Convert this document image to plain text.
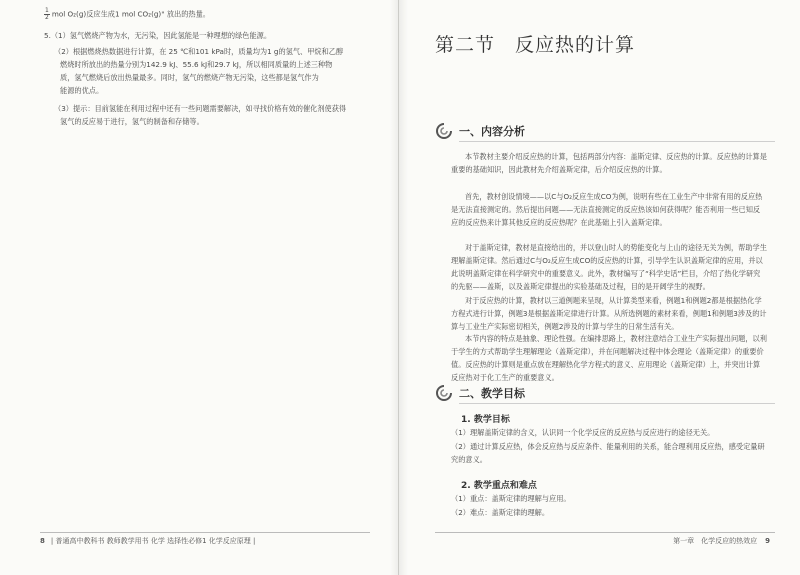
$\frac{1}{2}$ mol O₂(g)反应生成1 mol CO₂(g)" 放出的热量。
5.（1）氢气燃烧产物为水，无污染，因此氢能是一种理想的绿色能源。
（2）根据燃烧热数据进行计算，在 25 ℃和101 kPa时，质量均为1 g的氢气、甲烷和乙醇
燃烧时所放出的热量分别为142.9 kJ、55.6 kJ和29.7 kJ，所以相同质量的上述三种物
质，氢气燃烧后放出热量最多。同时，氢气的燃烧产物无污染，这些都是氢气作为
能源的优点。
（3）提示：目前氢能在利用过程中还有一些问题需要解决，如寻找价格有效的催化剂使获得
氢气的反应易于进行，氢气的制备和存储等。
8 | 普通高中教科书 教师教学用书 化学 选择性必修1 化学反应原理 |
第二节　反应热的计算
一、内容分析

本节教材主要介绍反应热的计算，包括两部分内容：盖斯定律、反应热的计算。反应热的计算是重要的基础知识，因此教材先介绍盖斯定律，后介绍反应热的计算。

首先，教材创设情境——以C与O₂反应生成CO为例，说明有些在工业生产中非常有用的反应热是无法直接测定的。然后提出问题——无法直接测定的反应热该如何获得呢？能否利用一些已知反应的反应热来计算其他反应的反应热呢？在此基础上引入盖斯定律。

对于盖斯定律，教材是直接给出的，并以登山时人的势能变化与上山的途径无关为例，帮助学生理解盖斯定律。然后通过C与O₂反应生成CO的反应热的计算，引导学生认识盖斯定律的应用，并以此说明盖斯定律在科学研究中的重要意义。此外，教材编写了“科学史话”栏目，介绍了热化学研究的先驱——盖斯，以及盖斯定律提出的实验基础及过程，目的是开阔学生的视野。

对于反应热的计算，教材以三道例题来呈现，从计算类型来看，例题1和例题2都是根据热化学方程式进行计算，例题3是根据盖斯定律进行计算。从所选例题的素材来看，例题1和例题3涉及的计算与工业生产实际密切相关，例题2涉及的计算与学生的日常生活有关。

本节内容的特点是抽象、理论性强。在编排思路上，教材注意结合工业生产实际提出问题，以利于学生的方式帮助学生理解理论（盖斯定律），并在问题解决过程中体会理论（盖斯定律）的重要价值。反应热的计算则是重点放在理解热化学方程式的意义、应用理论（盖斯定律）上，并突出计算反应热对于化工生产的重要意义。

二、教学目标
1. 教学目标
（1）理解盖斯定律的含义，认识同一个化学反应的反应热与反应进行的途径无关。
（2）通过计算反应热，体会反应热与反应条件、能量利用的关系，能合理利用反应热，感受定量研究的意义。
2. 教学重点和难点
（1）重点：盖斯定律的理解与应用。
（2）难点：盖斯定律的理解。
第一章　化学反应的热效应 9
